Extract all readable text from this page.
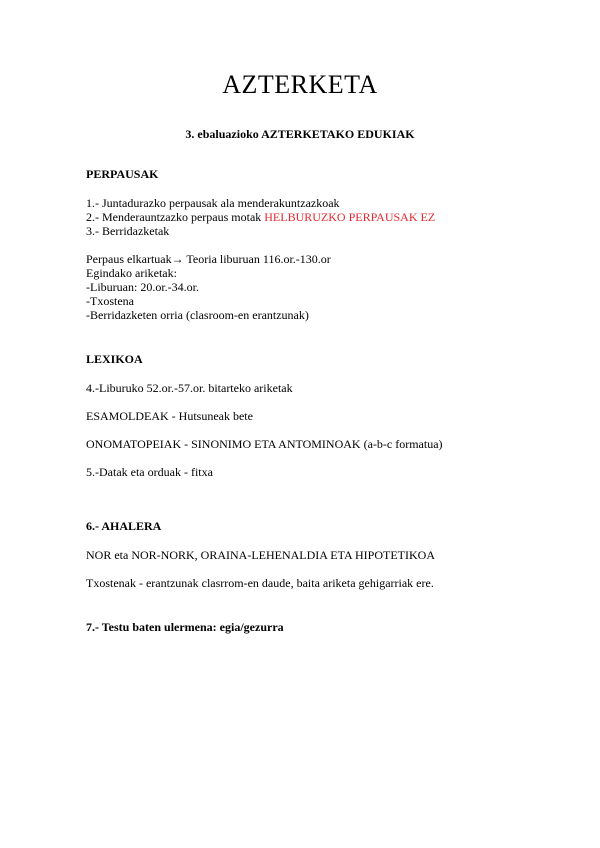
AZTERKETA
3. ebaluazioko AZTERKETAKO EDUKIAK
PERPAUSAK
1.- Juntadurazko perpausak ala menderakuntzazkoak
2.- Menderauntzazko perpaus motak HELBURUZKO PERPAUSAK EZ
3.- Berridazketak
Perpaus elkartuak→ Teoria liburuan 116.or.-130.or
Egindako ariketak:
-Liburuan: 20.or.-34.or.
-Txostena
-Berridazketen orria (clasroom-en erantzunak)
LEXIKOA
4.-Liburuko 52.or.-57.or. bitarteko ariketak
ESAMOLDEAK - Hutsuneak bete
ONOMATOPEIAK - SINONIMO ETA ANTOMINOAK (a-b-c formatua)
5.-Datak eta orduak - fitxa
6.- AHALERA
NOR eta NOR-NORK, ORAINA-LEHENALDIA ETA HIPOTETIKOA
Txostenak - erantzunak clasrrom-en daude, baita ariketa gehigarriak ere.
7.- Testu baten ulermena: egia/gezurra
